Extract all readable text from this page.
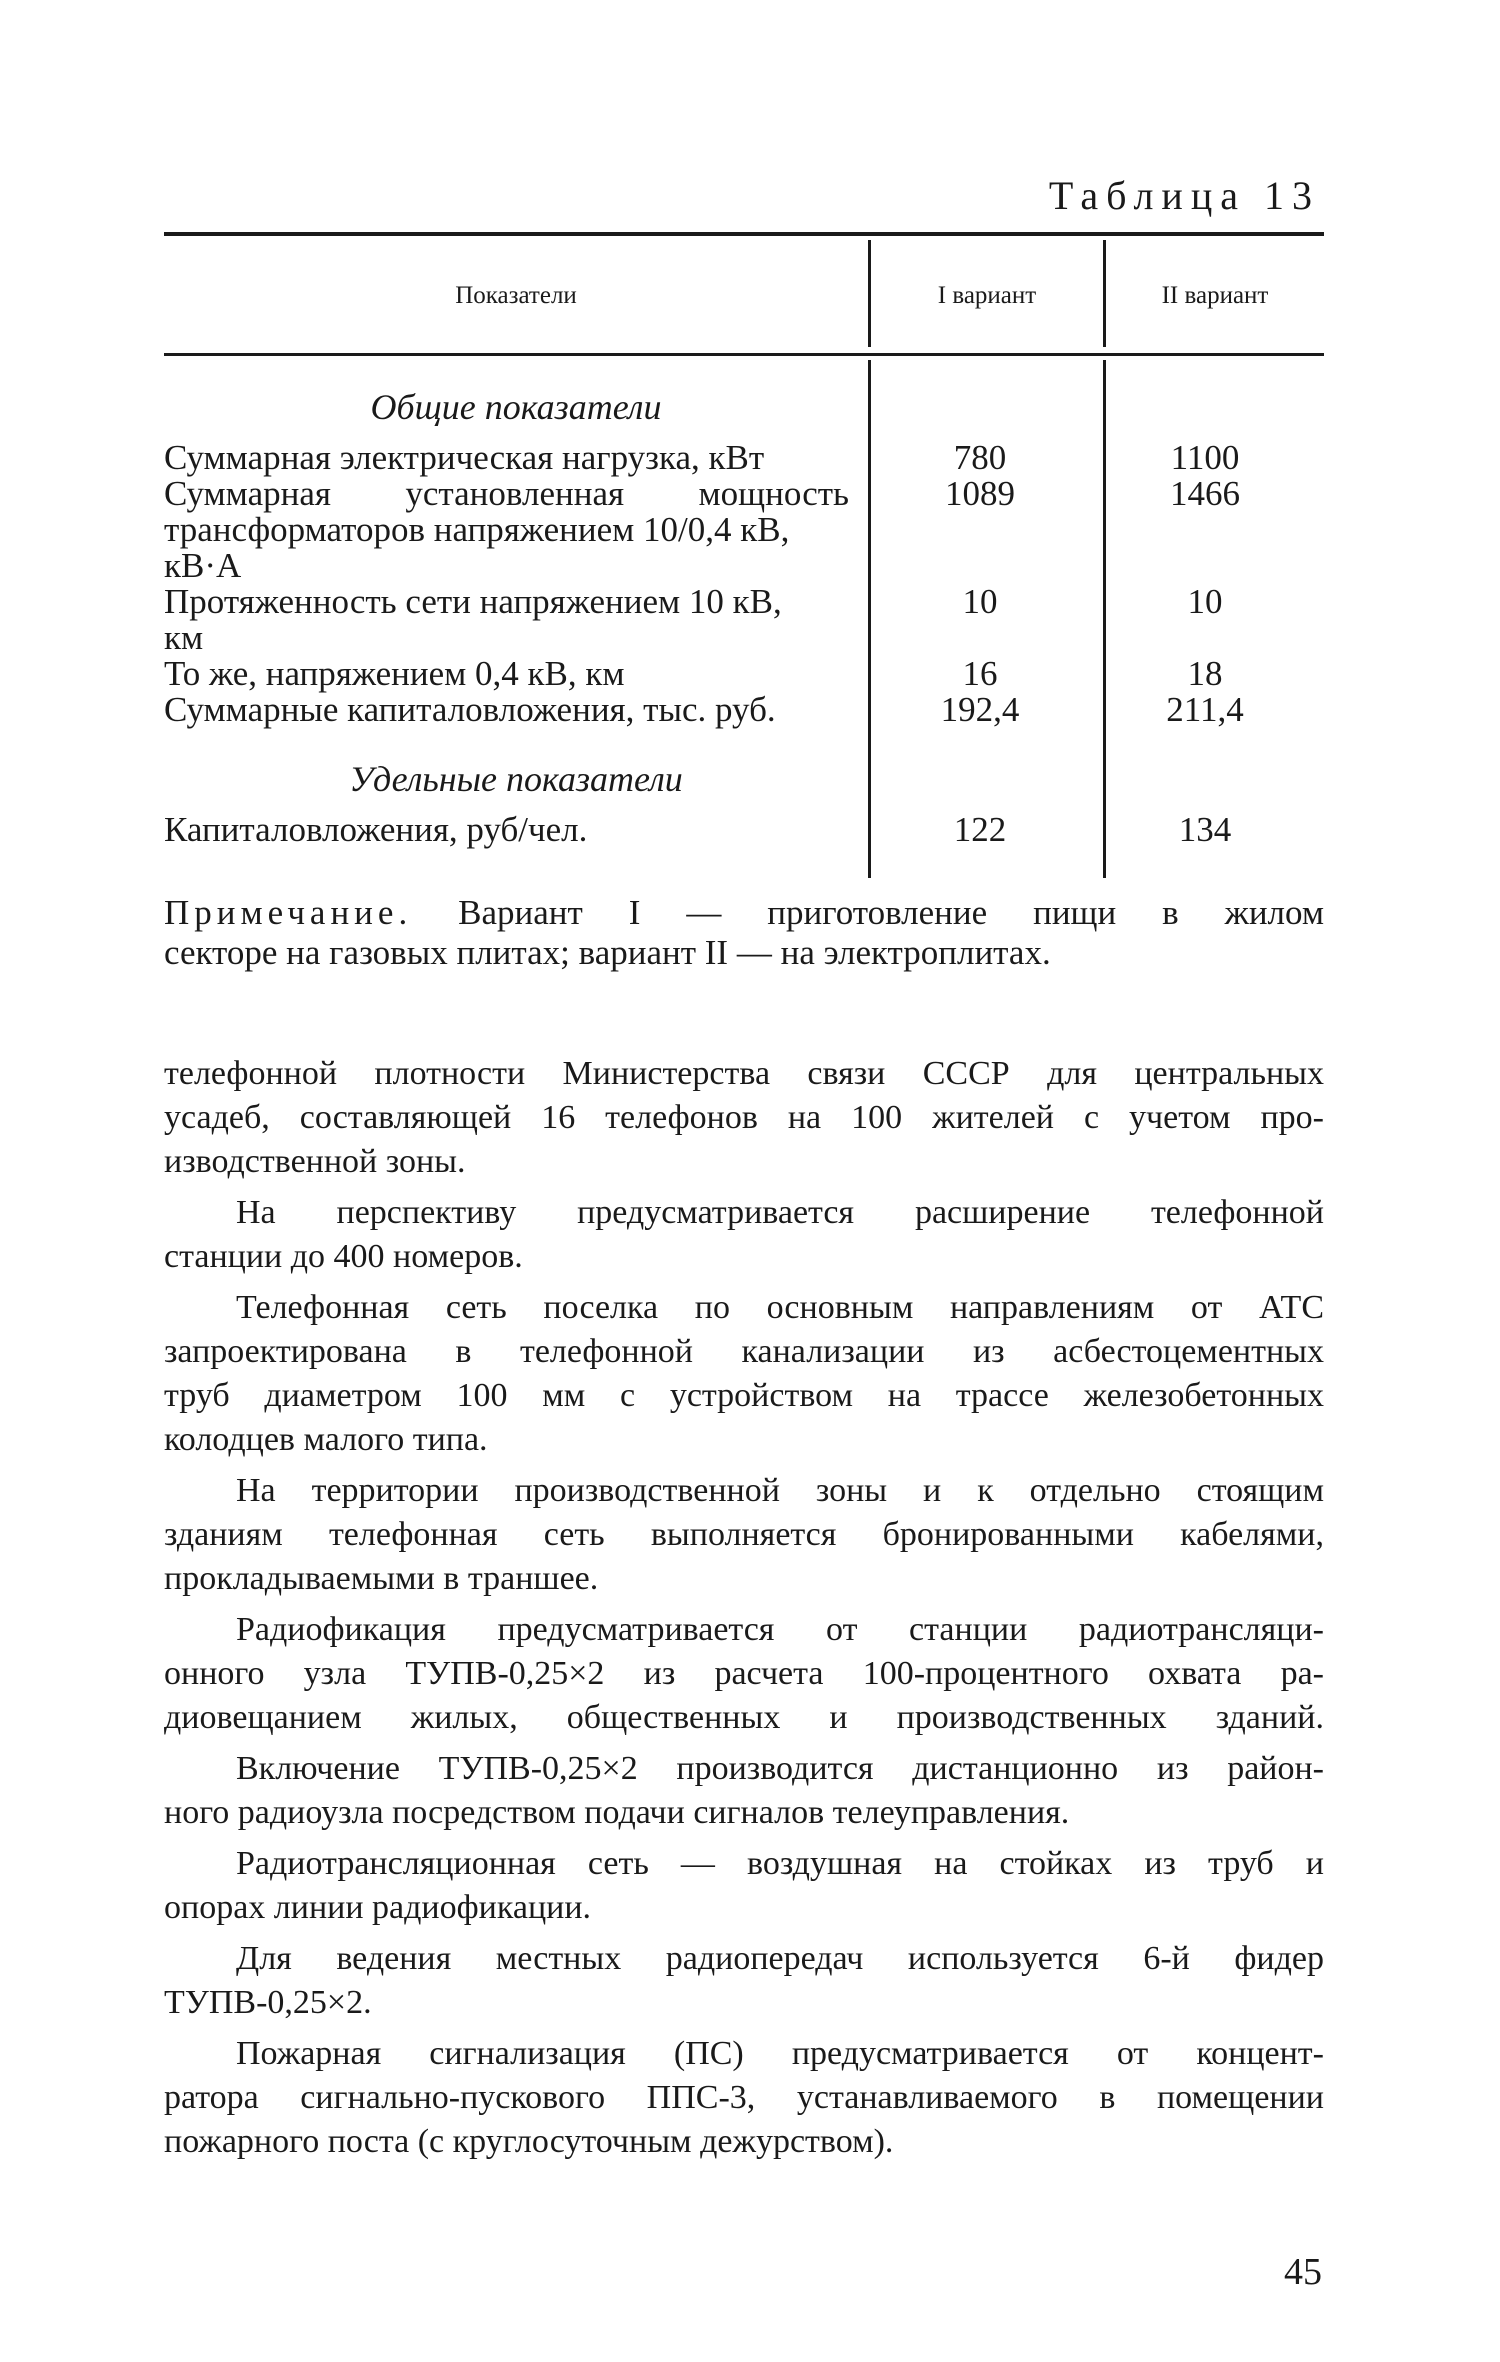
Таблица 13
Показатели	I вариант	II вариант
Общие показатели
Суммарная электрическая нагрузка, кВт	780	1100
Суммарная установленная мощность
трансформаторов напряжением 10/0,4 кВ,
кВ·А
1089	1466
Протяженность сети напряжением 10 кВ,
км
10	10
То же, напряжением 0,4 кВ, км	16	18
Суммарные капиталовложения, тыс. руб.	192,4	211,4
Удельные показатели
Капиталовложения, руб/чел.	122	134
Примечание. Вариант I — приготовление пищи в жилом
секторе на газовых плитах; вариант II — на электроплитах.

телефонной плотности Министерства связи СССР для центральных
усадеб, составляющей 16 телефонов на 100 жителей с учетом про-
изводственной зоны.

На перспективу предусматривается расширение телефонной
станции до 400 номеров.

Телефонная сеть поселка по основным направлениям от АТС
запроектирована в телефонной канализации из асбестоцементных
труб диаметром 100 мм с устройством на трассе железобетонных
колодцев малого типа.

На территории производственной зоны и к отдельно стоящим
зданиям телефонная сеть выполняется бронированными кабелями,
прокладываемыми в траншее.

Радиофикация предусматривается от станции радиотрансляци-
онного узла ТУПВ-0,25×2 из расчета 100-процентного охвата ра-
диовещанием жилых, общественных и производственных зданий.

Включение ТУПВ-0,25×2 производится дистанционно из район-
ного радиоузла посредством подачи сигналов телеуправления.

Радиотрансляционная сеть — воздушная на стойках из труб и
опорах линии радиофикации.

Для ведения местных радиопередач используется 6-й фидер
ТУПВ-0,25×2.

Пожарная сигнализация (ПС) предусматривается от концент-
ратора сигнально-пускового ППС-3, устанавливаемого в помещении
пожарного поста (с круглосуточным дежурством).

45
